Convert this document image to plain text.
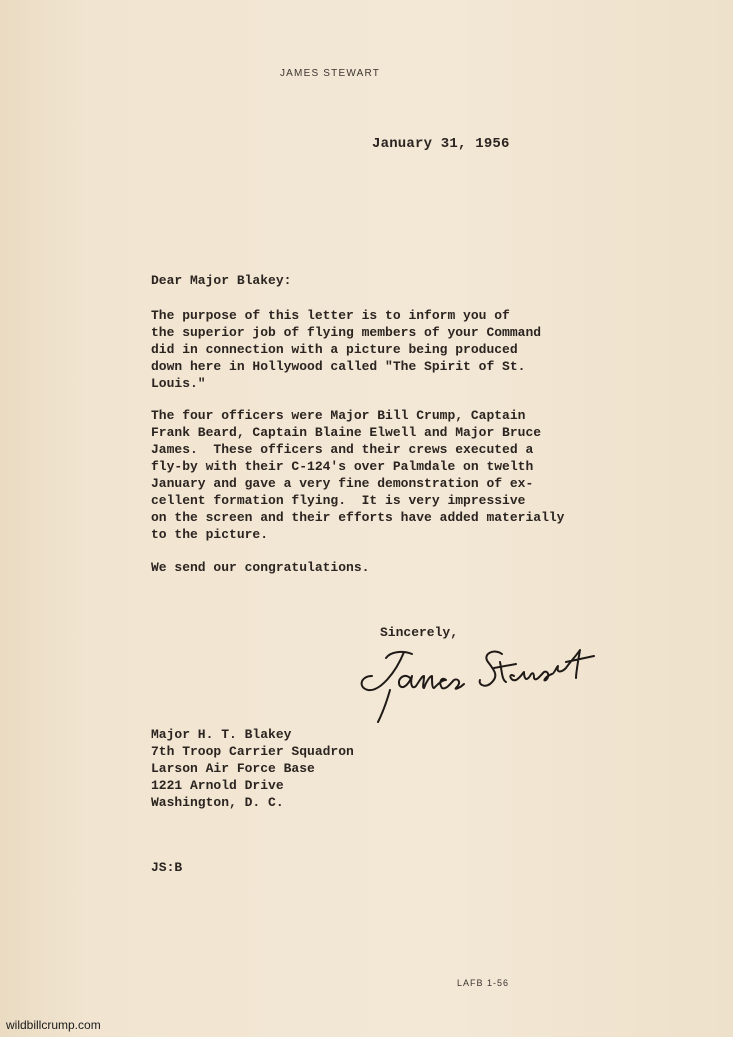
JAMES STEWART
January 31, 1956
Dear Major Blakey:

The purpose of this letter is to inform you of
the superior job of flying members of your Command
did in connection with a picture being produced
down here in Hollywood called "The Spirit of St.
Louis."

The four officers were Major Bill Crump, Captain
Frank Beard, Captain Blaine Elwell and Major Bruce
James.  These officers and their crews executed a
fly-by with their C-124's over Palmdale on twelth
January and gave a very fine demonstration of ex-
cellent formation flying.  It is very impressive
on the screen and their efforts have added materially
to the picture.

We send our congratulations.

Sincerely,

Major H. T. Blakey
7th Troop Carrier Squadron
Larson Air Force Base
1221 Arnold Drive
Washington, D. C.

JS:B
LAFB 1-56
wildbillcrump.com
